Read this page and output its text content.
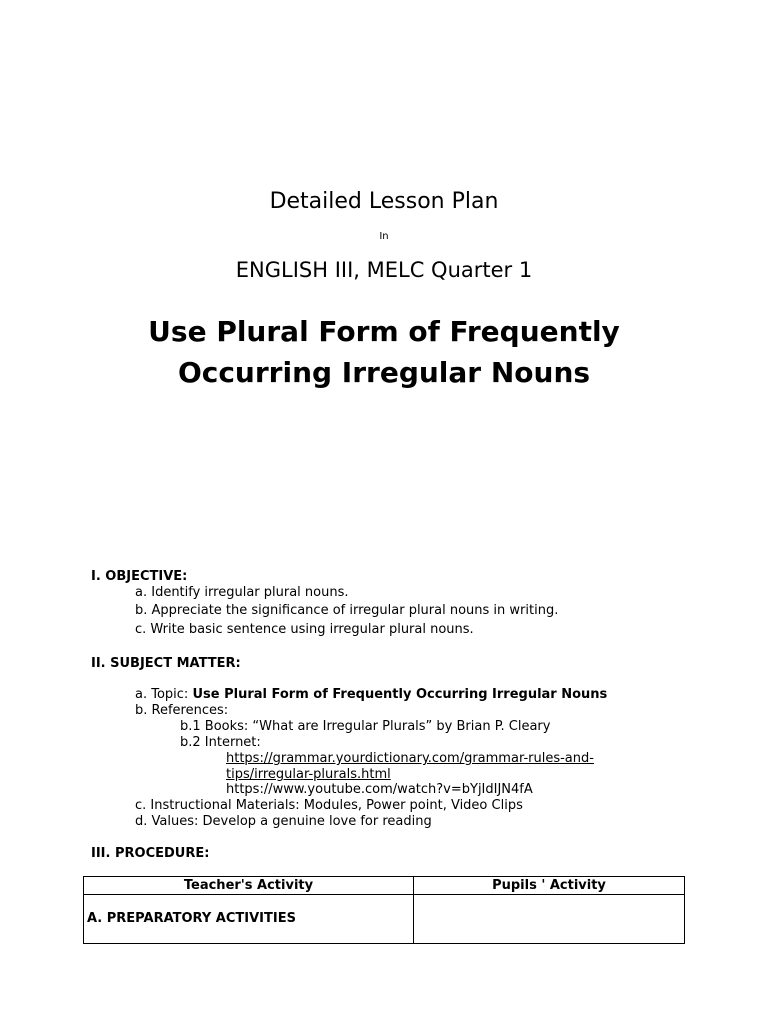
Detailed Lesson Plan
In
ENGLISH III, MELC Quarter 1
Use Plural Form of Frequently
Occurring Irregular Nouns
I. OBJECTIVE:
a. Identify irregular plural nouns.
b. Appreciate the significance of irregular plural nouns in writing.
c. Write basic sentence using irregular plural nouns.
II. SUBJECT MATTER:
a. Topic: Use Plural Form of Frequently Occurring Irregular Nouns
b. References:
b.1 Books: “What are Irregular Plurals” by Brian P. Cleary
b.2 Internet:
https://grammar.yourdictionary.com/grammar-rules-and-
tips/irregular-plurals.html
https://www.youtube.com/watch?v=bYjIdIJN4fA
c. Instructional Materials: Modules, Power point, Video Clips
d. Values: Develop a genuine love for reading
III. PROCEDURE:
Teacher's Activity	Pupils ' Activity
A. PREPARATORY ACTIVITIES	
